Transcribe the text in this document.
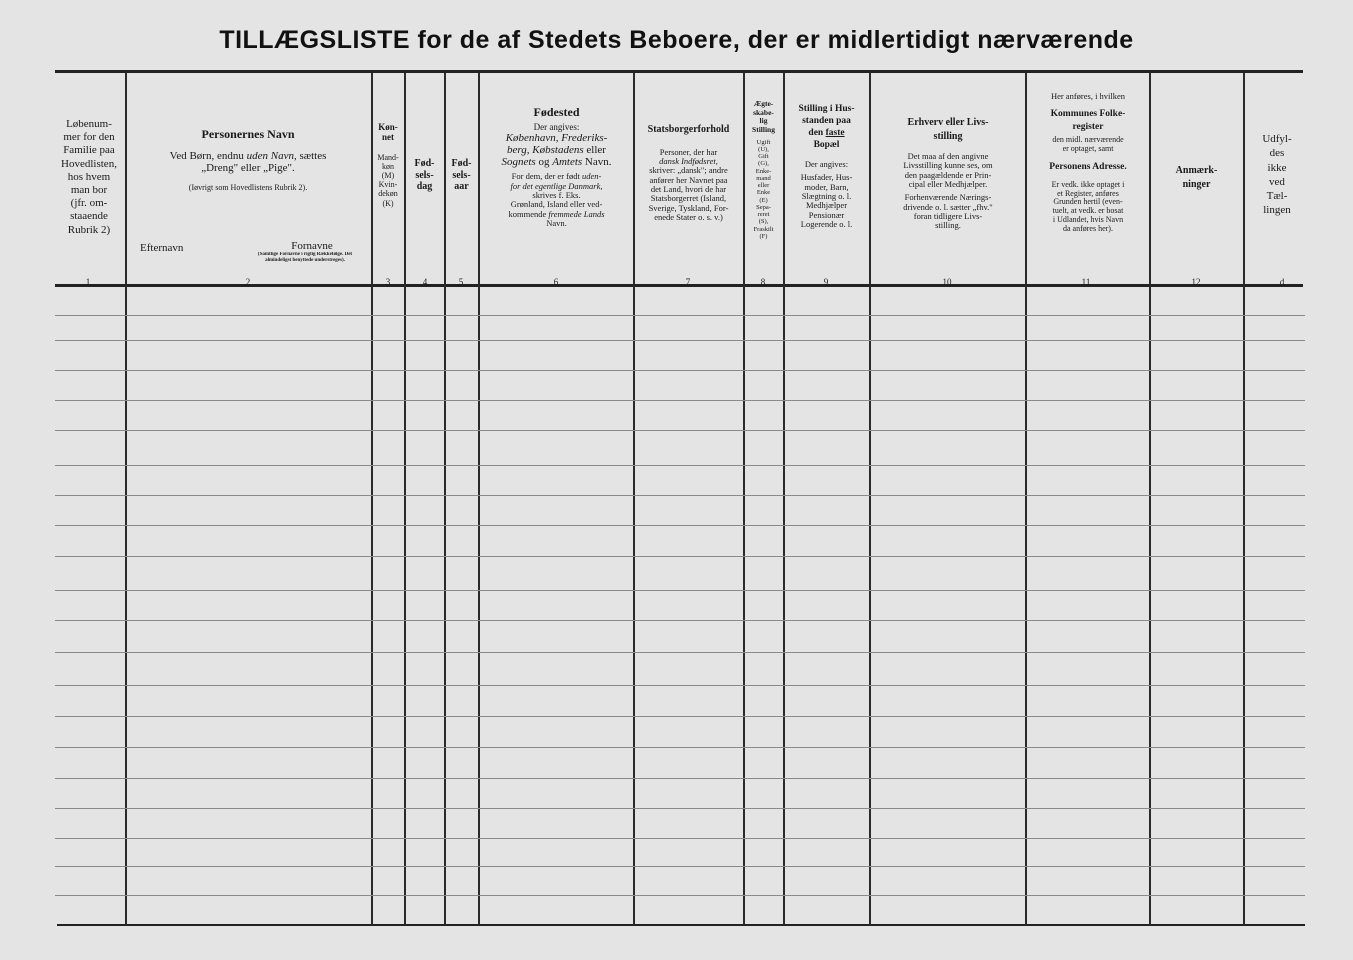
TILLÆGSLISTE for de af Stedets Beboere, der er midlertidigt nærværende
Løbenum-
mer for den
Familie paa
Hovedlisten,
hos hvem
man bor
(jfr. om-
staaende
Rubrik 2)
1
Personernes Navn
Ved Børn, endnu uden Navn, sættes
„Dreng" eller „Pige".
(Iøvrigt som Hovedlistens Rubrik 2).
Efternavn	Fornavne
(Samtlige Fornavne i rigtig Rækkefølge. Det almindeligst benyttede understreges).
2
Køn-
net
Mand-
køn
(M)
Kvin-
dekøn
(K)
3
Fød-
sels-
dag
4
Fød-
sels-
aar
5
Fødested
Der angives:
København, Frederiks-
berg, Købstadens eller
Sognets og Amtets Navn.
For dem, der er født uden-
for det egentlige Danmark,
skrives f. Eks.
Grønland, Island eller ved-
kommende fremmede Lands
Navn.
6
Statsborgerforhold
Personer, der har
dansk Indfødsret,
skriver: „dansk"; andre
anfører her Navnet paa
det Land, hvori de har
Statsborgerret (Island,
Sverige, Tyskland, For-
enede Stater o. s. v.)
7
Ægte-
skabe-
lig
Stilling
Ugift
(U),
Gift
(G),
Enke-
mand
eller
Enke
(E)
Sepa-
reret
(S),
Fraskilt
(F)
8
Stilling i Hus-
standen paa
den faste
Bopæl
Der angives:
Husfader, Hus-
moder, Barn,
Slægtning o. l.
Medhjælper
Pensionær
Logerende o. l.
9
Erhverv eller Livs-
stilling
Det maa af den angivne
Livsstilling kunne ses, om
den paagældende er Prin-
cipal eller Medhjælper.
Forhenværende Nærings-
drivende o. l. sætter „fhv."
foran tidligere Livs-
stilling.
10
Her anføres, i hvilken
Kommunes Folke-
register
den midl. nærværende
er optaget, samt
Personens Adresse.
Er vedk. ikke optaget i
et Register, anføres
Grunden hertil (even-
tuelt, at vedk. er bosat
i Udlandet, hvis Navn
da anføres her).
11
Anmærk-
ninger
12
Udfyl-
des
ikke
ved
Tæl-
lingen
d
